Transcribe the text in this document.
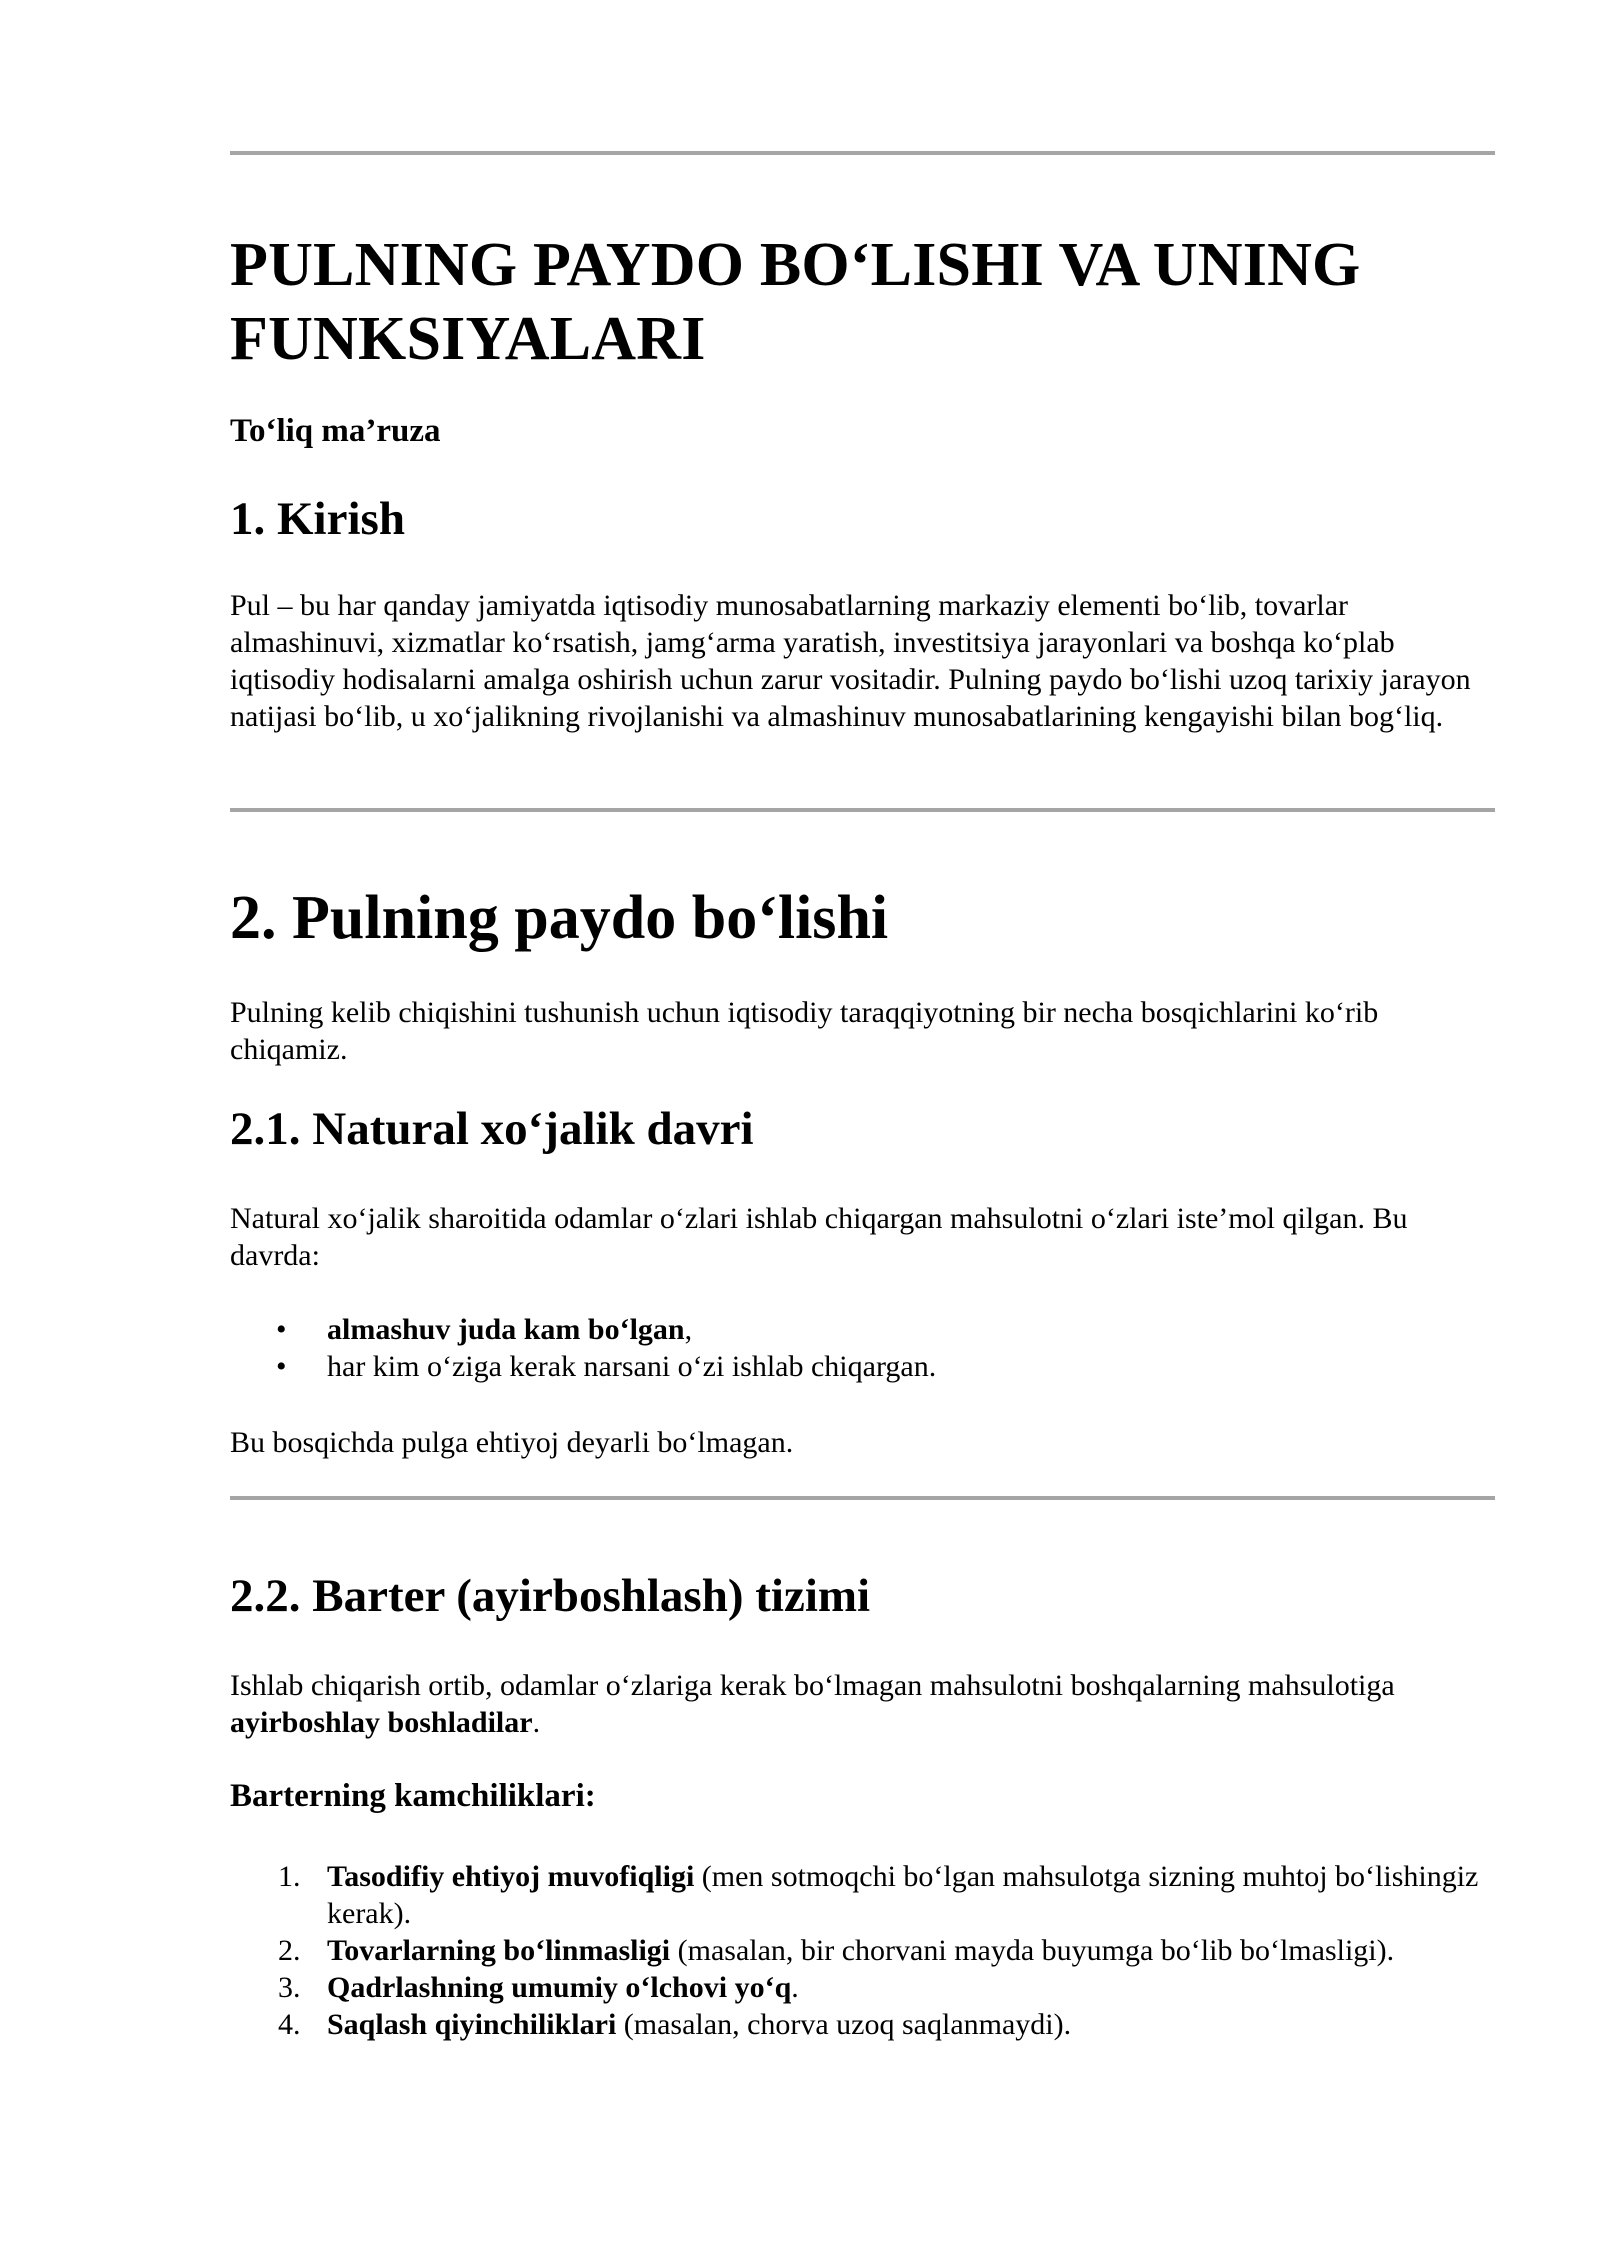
PULNING PAYDO BO‘LISHI VA UNING FUNKSIYALARI
To‘liq ma’ruza
1. Kirish

Pul – bu har qanday jamiyatda iqtisodiy munosabatlarning markaziy elementi bo‘lib, tovarlar almashinuvi, xizmatlar ko‘rsatish, jamg‘arma yaratish, investitsiya jarayonlari va boshqa ko‘plab iqtisodiy hodisalarni amalga oshirish uchun zarur vositadir. Pulning paydo bo‘lishi uzoq tarixiy jarayon natijasi bo‘lib, u xo‘jalikning rivojlanishi va almashinuv munosabatlarining kengayishi bilan bog‘liq.

2. Pulning paydo bo‘lishi

Pulning kelib chiqishini tushunish uchun iqtisodiy taraqqiyotning bir necha bosqichlarini ko‘rib chiqamiz.

2.1. Natural xo‘jalik davri

Natural xo‘jalik sharoitida odamlar o‘zlari ishlab chiqargan mahsulotni o‘zlari iste’mol qilgan. Bu davrda:

• almashuv juda kam bo‘lgan,
• har kim o‘ziga kerak narsani o‘zi ishlab chiqargan.

Bu bosqichda pulga ehtiyoj deyarli bo‘lmagan.

2.2. Barter (ayirboshlash) tizimi

Ishlab chiqarish ortib, odamlar o‘zlariga kerak bo‘lmagan mahsulotni boshqalarning mahsulotiga ayirboshlay boshladilar.

Barterning kamchiliklari:
1. Tasodifiy ehtiyoj muvofiqligi (men sotmoqchi bo‘lgan mahsulotga sizning muhtoj bo‘lishingiz kerak).
2. Tovarlarning bo‘linmasligi (masalan, bir chorvani mayda buyumga bo‘lib bo‘lmasligi).
3. Qadrlashning umumiy o‘lchovi yo‘q.
4. Saqlash qiyinchiliklari (masalan, chorva uzoq saqlanmaydi).
